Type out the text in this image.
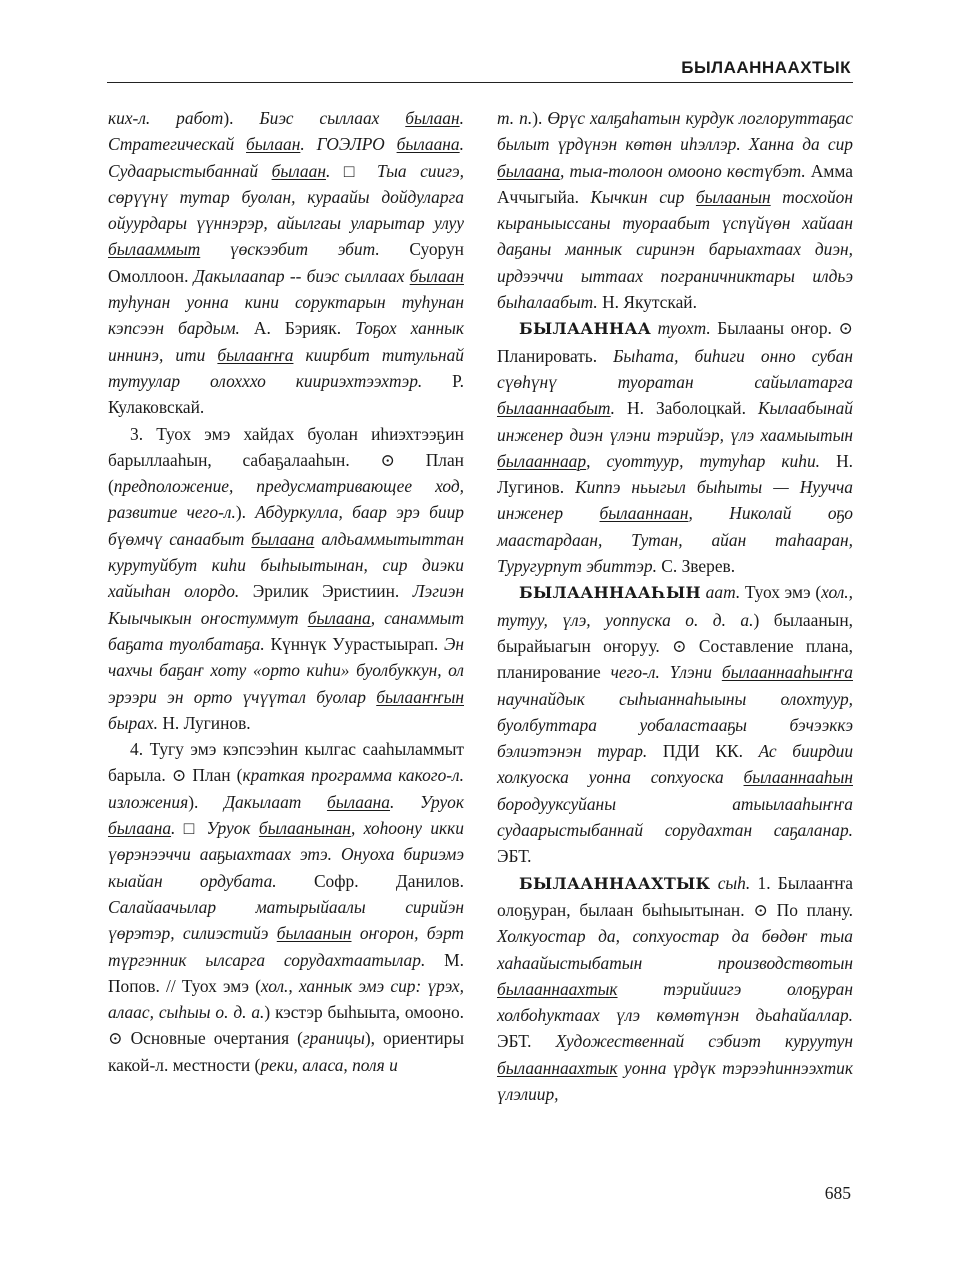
БЫЛААННААХТЫК

ких-л. работ). Биэс сыллаах былаан. Стратегическай былаан. ГОЭЛРО былаана. Судаарыстыбаннай былаан. □ Тыа сиигэ, сөрүүнү тутар буолан, кураайы дойдуларга ойуурдары үүннэрэр, айылгаы уларытар улуу былааммыт үөскээбит эбит. Суорун Омоллоон. Дакылаапар -- биэс сыллаах былаан туһунан уонна кини соруктарын туһунан кэпсээн бардым. А. Бэрияк. Тоҕох ханнык иннинэ, ити былааҥҥа киирбит титульнай тутуулар олохххо киириэхтээхтэр. Р. Кулаковскай.

3. Туох эмэ хайдах буолан иһиэхтээҕин барыллааһын, сабаҕалааһын. ⊙ План (предположение, предусматривающее ход, развитие чего-л.). Абдуркулла, баар эрэ биир бүөмчү санаабыт былаана алдьаммытыттан курутуйбут киһи быһыытынан, сир диэки хайыһан олордо. Эрилик Эристиин. Лэгиэн Кыычыкын оҥостуммут былаана, санаммыт баҕата туолбатаҕа. Күннүк Уурастыырап. Эн чахчы баҕаҥ хоту «орто киһи» буолбуккун, ол эрээри эн орто үчүүтал буолар былааҥҥын бырах. Н. Лугинов.

4. Тугу эмэ кэпсээһин кылгас сааһыламмыт барыла. ⊙ План (краткая программа какого-л. изложения). Дакылаат былаана. Уруок былаана. □ Уруок былаанынан, хоһоону икки үөрэнээччи ааҕыахтаах этэ. Онуоха бириэмэ кыайан ордубата. Софр. Данилов. Салайаачылар матырыйаалы сирийэн үөрэтэр, силиэстийэ былаанын оҥорон, бэрт түргэнник ылсарга сорудахтаатылар. М. Попов. // Туох эмэ (хол., ханнык эмэ сир: үрэх, алаас, сыһыы о. д. а.) кэстэр быһыыта, омооно. ⊙ Основные очертания (границы), ориентиры какой-л. местности (реки, аласа, поля и

т. п.). Өрүс халҕаһатын курдук логлоруттаҕас былыт үрдүнэн көтөн иһэллэр. Ханна да сир былаана, тыа-толоон омооно көстүбэт. Амма Аччыгыйа. Кычкин сир былаанын тосхойон кыраныыссаны туораабыт үспүйүөн хайаан даҕаны маннык сиринэн барыахтаах диэн, ирдээччи ыттаах пограничниктары илдьэ быһалаабыт. Н. Якутскай.

БЫЛААННАА туохт. Былааны оҥор. ⊙ Планировать. Быһата, биһиги онно субан сүөһүнү туоратан сайылатарга былааннаабыт. Н. Заболоцкай. Кылаабынай инженер диэн үлэни тэрийэр, үлэ хаамыытын былааннаар, суоттуур, тутуһар киһи. Н. Лугинов. Киппэ ньыгыл быһыты — Нуучча инженер былааннаан, Николай оҕо маастардаан, Тутан, айан таһааран, Туругурпут эбиттэр. С. Зверев.

БЫЛААННААҺЫН аат. Туох эмэ (хол., тутуу, үлэ, уоппуска о. д. а.) былаанын, бырайыагын оҥоруу. ⊙ Составление плана, планирование чего-л. Үлэни былааннааһыҥҥа научнайдык сыһыаннаһыыны олохтуур, буолбуттара уобаластааҕы бэчээккэ бэлиэтэнэн турар. ПДИ КК. Ас биирдии холкуоска уонна сопхуоска былааннааһын бородууксуйаны атыылааһыҥҥа судаарыстыбаннай сорудахтан саҕаланар. ЭБТ.

БЫЛААННААХТЫК сыһ. 1. Былааҥҥа олоҕуран, былаан быһыытынан. ⊙ По плану. Холкуостар да, сопхуостар да бөдөҥ тыа хаһаайыстыбатын производствотын былааннаахтык тэрийиигэ олоҕуран холбоһуктаах үлэ көмөтүнэн дьаһайаллар. ЭБТ. Художественнай сэбиэт куруутун былааннаахтык уонна үрдүк тэрээһиннээхтик үлэлиир,

685
